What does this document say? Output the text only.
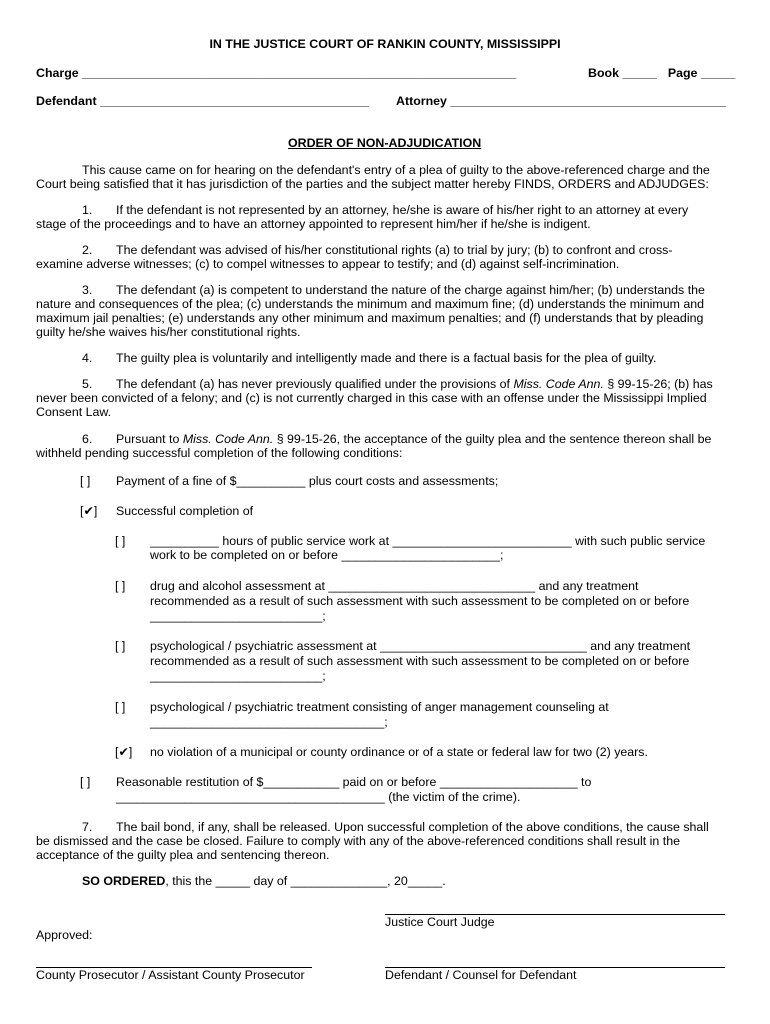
IN THE JUSTICE COURT OF RANKIN COUNTY, MISSISSIPPI
Charge _______________________________________________________________	Book _____ Page _____
Defendant _______________________________________ Attorney ________________________________________
ORDER OF NON-ADJUDICATION
This cause came on for hearing on the defendant's entry of a plea of guilty to the above-referenced charge and the
Court being satisfied that it has jurisdiction of the parties and the subject matter hereby FINDS, ORDERS and ADJUDGES:
1. If the defendant is not represented by an attorney, he/she is aware of his/her right to an attorney at every
stage of the proceedings and to have an attorney appointed to represent him/her if he/she is indigent.
2. The defendant was advised of his/her constitutional rights (a) to trial by jury; (b) to confront and cross-
examine adverse witnesses; (c) to compel witnesses to appear to testify; and (d) against self-incrimination.
3. The defendant (a) is competent to understand the nature of the charge against him/her; (b) understands the
nature and consequences of the plea; (c) understands the minimum and maximum fine; (d) understands the minimum and
maximum jail penalties; (e) understands any other minimum and maximum penalties; and (f) understands that by pleading
guilty he/she waives his/her constitutional rights.
4. The guilty plea is voluntarily and intelligently made and there is a factual basis for the plea of guilty.
5. The defendant (a) has never previously qualified under the provisions of Miss. Code Ann. § 99-15-26; (b) has
never been convicted of a felony; and (c) is not currently charged in this case with an offense under the Mississippi Implied
Consent Law.
6. Pursuant to Miss. Code Ann. § 99-15-26, the acceptance of the guilty plea and the sentence thereon shall be
withheld pending successful completion of the following conditions:
[ ] Payment of a fine of $__________ plus court costs and assessments;
[✔] Successful completion of
[ ] __________ hours of public service work at __________________________ with such public service
work to be completed on or before _______________________;
[ ] drug and alcohol assessment at ______________________________ and any treatment
recommended as a result of such assessment with such assessment to be completed on or before
_________________________;
[ ] psychological / psychiatric assessment at ______________________________ and any treatment
recommended as a result of such assessment with such assessment to be completed on or before
_________________________;
[ ] psychological / psychiatric treatment consisting of anger management counseling at
__________________________________;
[✔] no violation of a municipal or county ordinance or of a state or federal law for two (2) years.
[ ] Reasonable restitution of $___________ paid on or before ____________________ to
_______________________________________ (the victim of the crime).
7. The bail bond, if any, shall be released. Upon successful completion of the above conditions, the cause shall
be dismissed and the case be closed. Failure to comply with any of the above-referenced conditions shall result in the
acceptance of the guilty plea and sentencing thereon.
SO ORDERED, this the _____ day of ______________, 20_____.
Justice Court Judge
Approved:
County Prosecutor / Assistant County Prosecutor	Defendant / Counsel for Defendant
